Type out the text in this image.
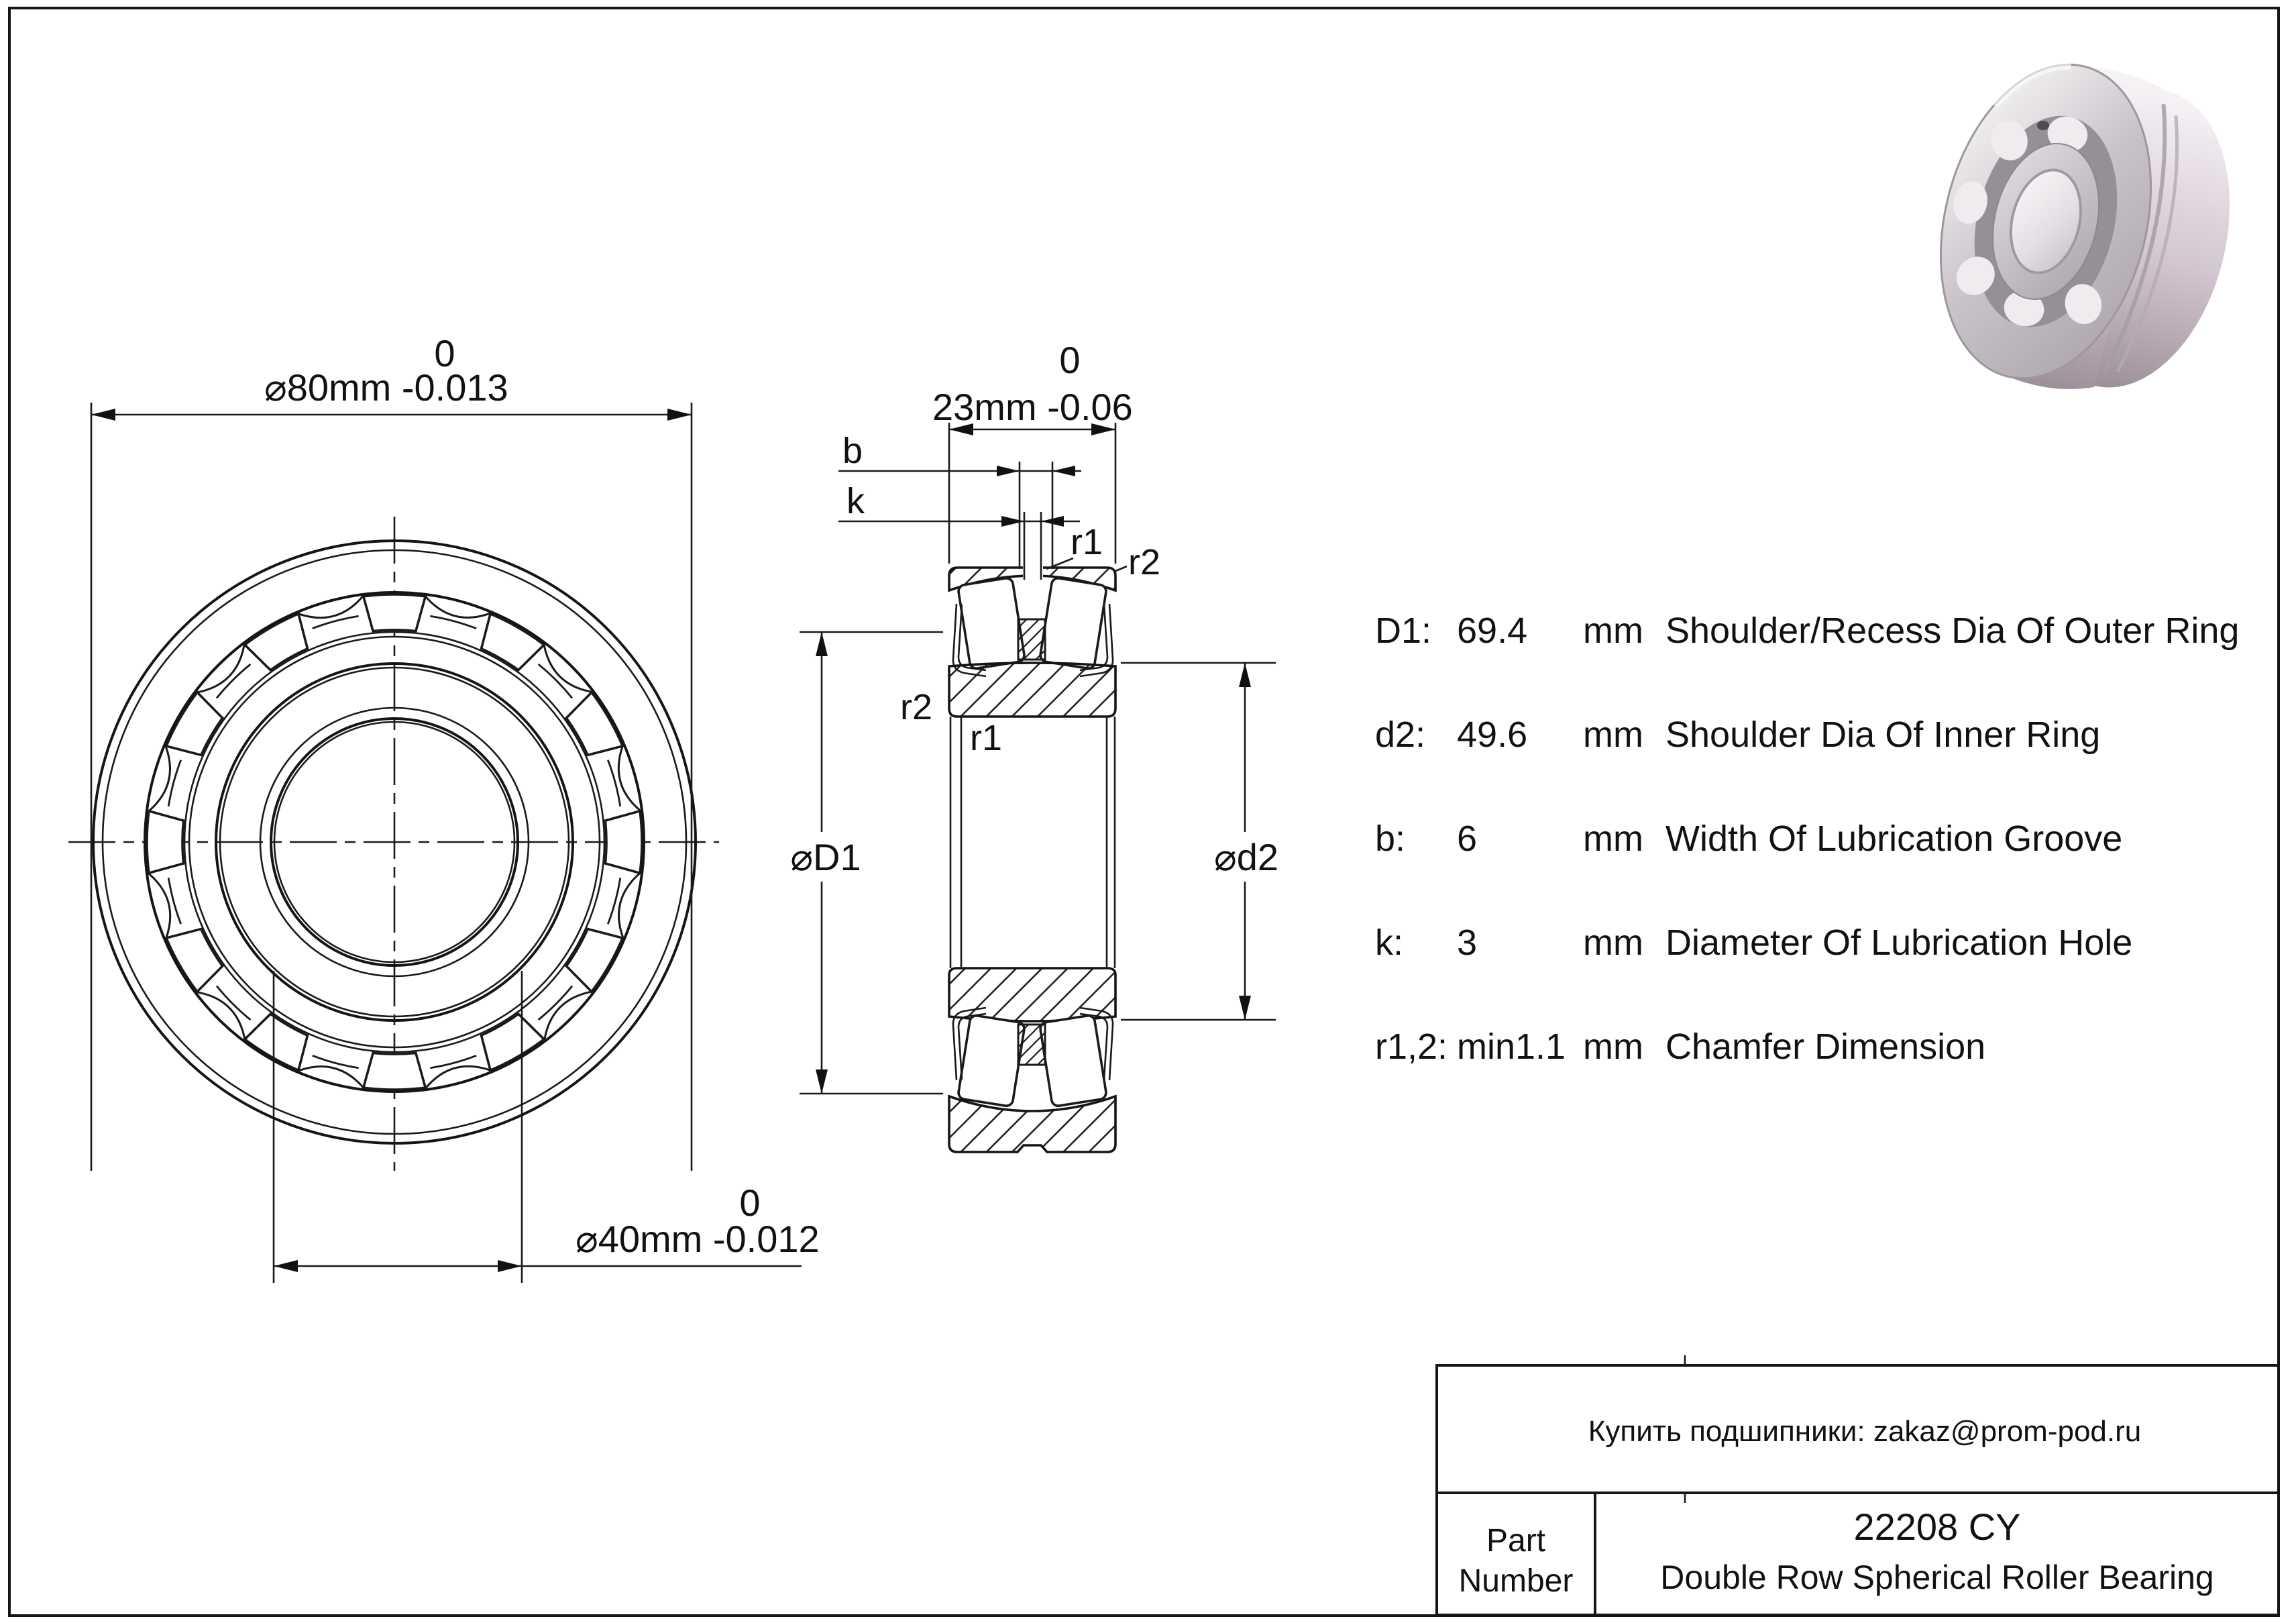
0
⌀80mm -0.013
0
⌀40mm -0.012
0
23mm -0.06
b
k
r1 r2
r2
r1
⌀D1	⌀d2
D1: 69.4 mm Shoulder/Recess Dia Of Outer Ring
d2: 49.6 mm Shoulder Dia Of Inner Ring
b: 6	mm Width Of Lubrication Groove
k: 3	mm Diameter Of Lubrication Hole
r1,2: min1.1 mm Chamfer Dimension
Купить подшипники: zakaz@prom-pod.ru
Part
Number
22208 CY
Double Row Spherical Roller Bearing
